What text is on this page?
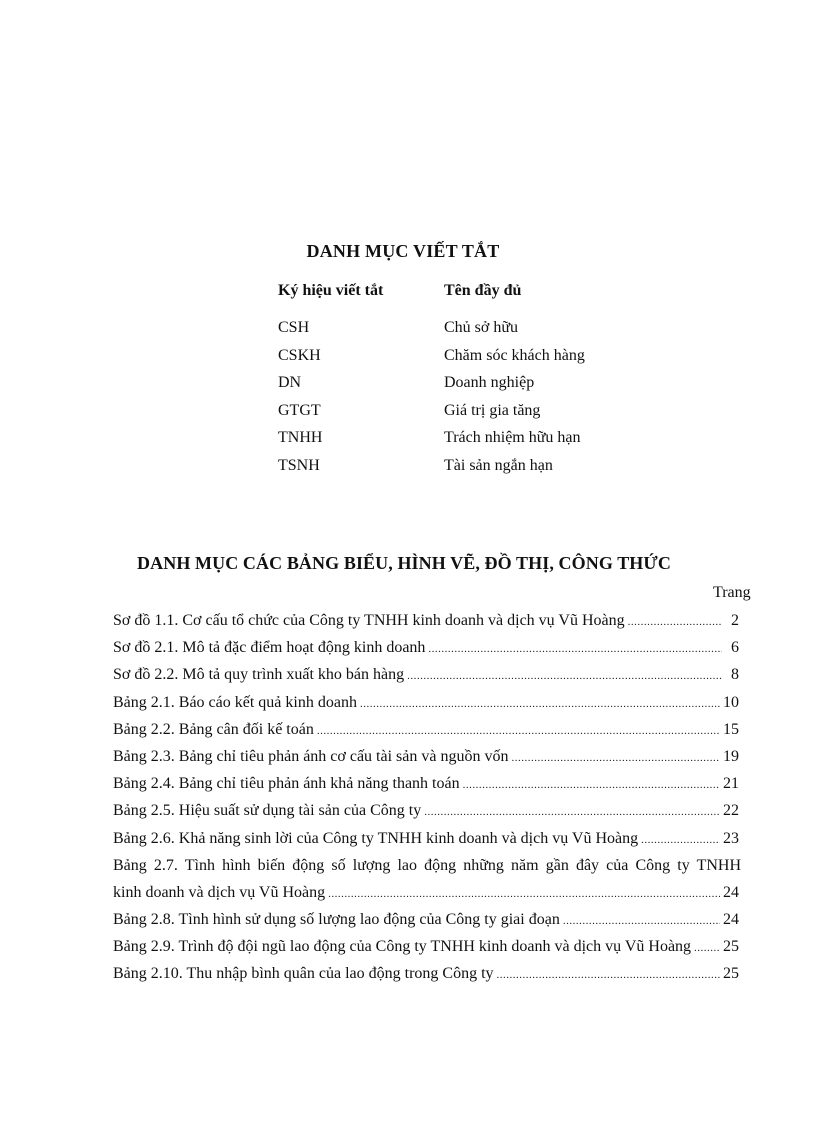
DANH MỤC VIẾT TẮT
Ký hiệu viết tắt	Tên đầy đủ
CSH	Chủ sở hữu
CSKH	Chăm sóc khách hàng
DN	Doanh nghiệp
GTGT	Giá trị gia tăng
TNHH	Trách nhiệm hữu hạn
TSNH	Tài sản ngắn hạn
DANH MỤC CÁC BẢNG BIỂU, HÌNH VẼ, ĐỒ THỊ, CÔNG THỨC
Trang
Sơ đồ 1.1. Cơ cấu tổ chức của Công ty TNHH kinh doanh và dịch vụ Vũ Hoàng .....	2
Sơ đồ 2.1. Mô tả đặc điểm hoạt động kinh doanh .....	6
Sơ đồ 2.2. Mô tả quy trình xuất kho bán hàng .....	8
Bảng 2.1. Báo cáo kết quả kinh doanh .....	10
Bảng 2.2. Bảng cân đối kế toán .....	15
Bảng 2.3. Bảng chỉ tiêu phản ánh cơ cấu tài sản và nguồn vốn .....	19
Bảng 2.4. Bảng chỉ tiêu phản ánh khả năng thanh toán .....	21
Bảng 2.5. Hiệu suất sử dụng tài sản của Công ty .....	22
Bảng 2.6. Khả năng sinh lời của Công ty TNHH kinh doanh và dịch vụ Vũ Hoàng .....	23
Bảng 2.7. Tình hình biến động số lượng lao động những năm gần đây của Công ty TNHH
kinh doanh và dịch vụ Vũ Hoàng .....	24
Bảng 2.8. Tình hình sử dụng số lượng lao động của Công ty giai đoạn .....	24
Bảng 2.9. Trình độ đội ngũ lao động của Công ty TNHH kinh doanh và dịch vụ Vũ Hoàng ..... 25
Bảng 2.10. Thu nhập bình quân của lao động trong Công ty .....	25
